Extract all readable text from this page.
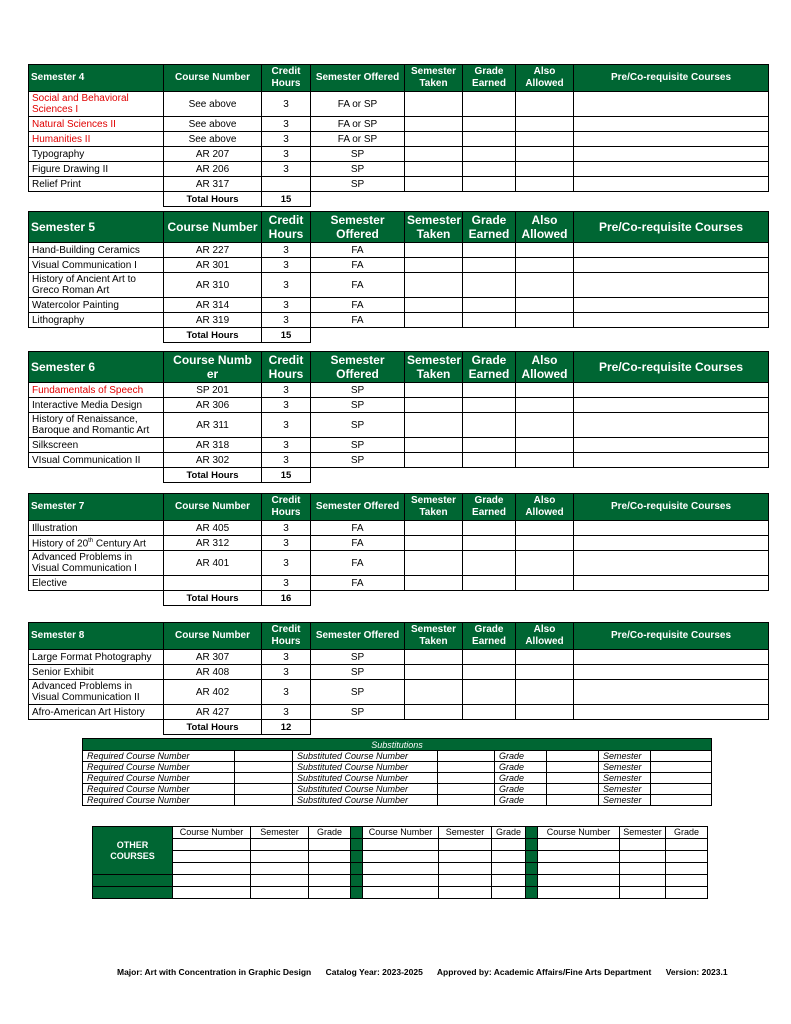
Semester 4	Course Number	Credit Hours	Semester Offered	Semester Taken	Grade Earned	Also Allowed	Pre/Co-requisite Courses
Social and Behavioral Sciences I	See above	3	FA or SP				
Natural Sciences II	See above	3	FA or SP				
Humanities II	See above	3	FA or SP				
Typography	AR 207	3	SP				
Figure Drawing II	AR 206	3	SP				
Relief Print	AR 317		SP				
	Total Hours	15					
Semester 5	Course Number	Credit Hours	Semester Offered	Semester Taken	Grade Earned	Also Allowed	Pre/Co-requisite Courses
Hand-Building Ceramics	AR 227	3	FA				
Visual Communication I	AR 301	3	FA				
History of Ancient Art to Greco Roman Art	AR 310	3	FA				
Watercolor Painting	AR 314	3	FA				
Lithography	AR 319	3	FA				
	Total Hours	15					
Semester 6	Course Numb er	Credit Hours	Semester Offered	Semester Taken	Grade Earned	Also Allowed	Pre/Co-requisite Courses
Fundamentals of Speech	SP 201	3	SP				
Interactive Media Design	AR 306	3	SP				
History of Renaissance, Baroque and Romantic Art	AR 311	3	SP				
Silkscreen	AR 318	3	SP				
VIsual Communication II	AR 302	3	SP				
	Total Hours	15					
Semester 7	Course Number	Credit Hours	Semester Offered	Semester Taken	Grade Earned	Also Allowed	Pre/Co-requisite Courses
Illustration	AR 405	3	FA				
History of 20th Century Art	AR 312	3	FA				
Advanced Problems in Visual Communication I	AR 401	3	FA				
Elective		3	FA				
	Total Hours	16					
Semester 8	Course Number	Credit Hours	Semester Offered	Semester Taken	Grade Earned	Also Allowed	Pre/Co-requisite Courses
Large Format Photography	AR 307	3	SP				
Senior Exhibit	AR 408	3	SP				
Advanced Problems in Visual Communication II	AR 402	3	SP				
Afro-American Art History	AR 427	3	SP				
	Total Hours	12					
Substitutions							
Required Course Number		Substituted Course Number		Grade		Semester	
Required Course Number		Substituted Course Number		Grade		Semester	
Required Course Number		Substituted Course Number		Grade		Semester	
Required Course Number		Substituted Course Number		Grade		Semester	
Required Course Number		Substituted Course Number		Grade		Semester	
OTHER COURSES	Course Number	Semester	Grade		Course Number	Semester	Grade		Course Number	Semester	Grade

Major: Art with Concentration in Graphic Design Catalog Year: 2023-2025 Approved by: Academic Affairs/Fine Arts Department Version: 2023.1
